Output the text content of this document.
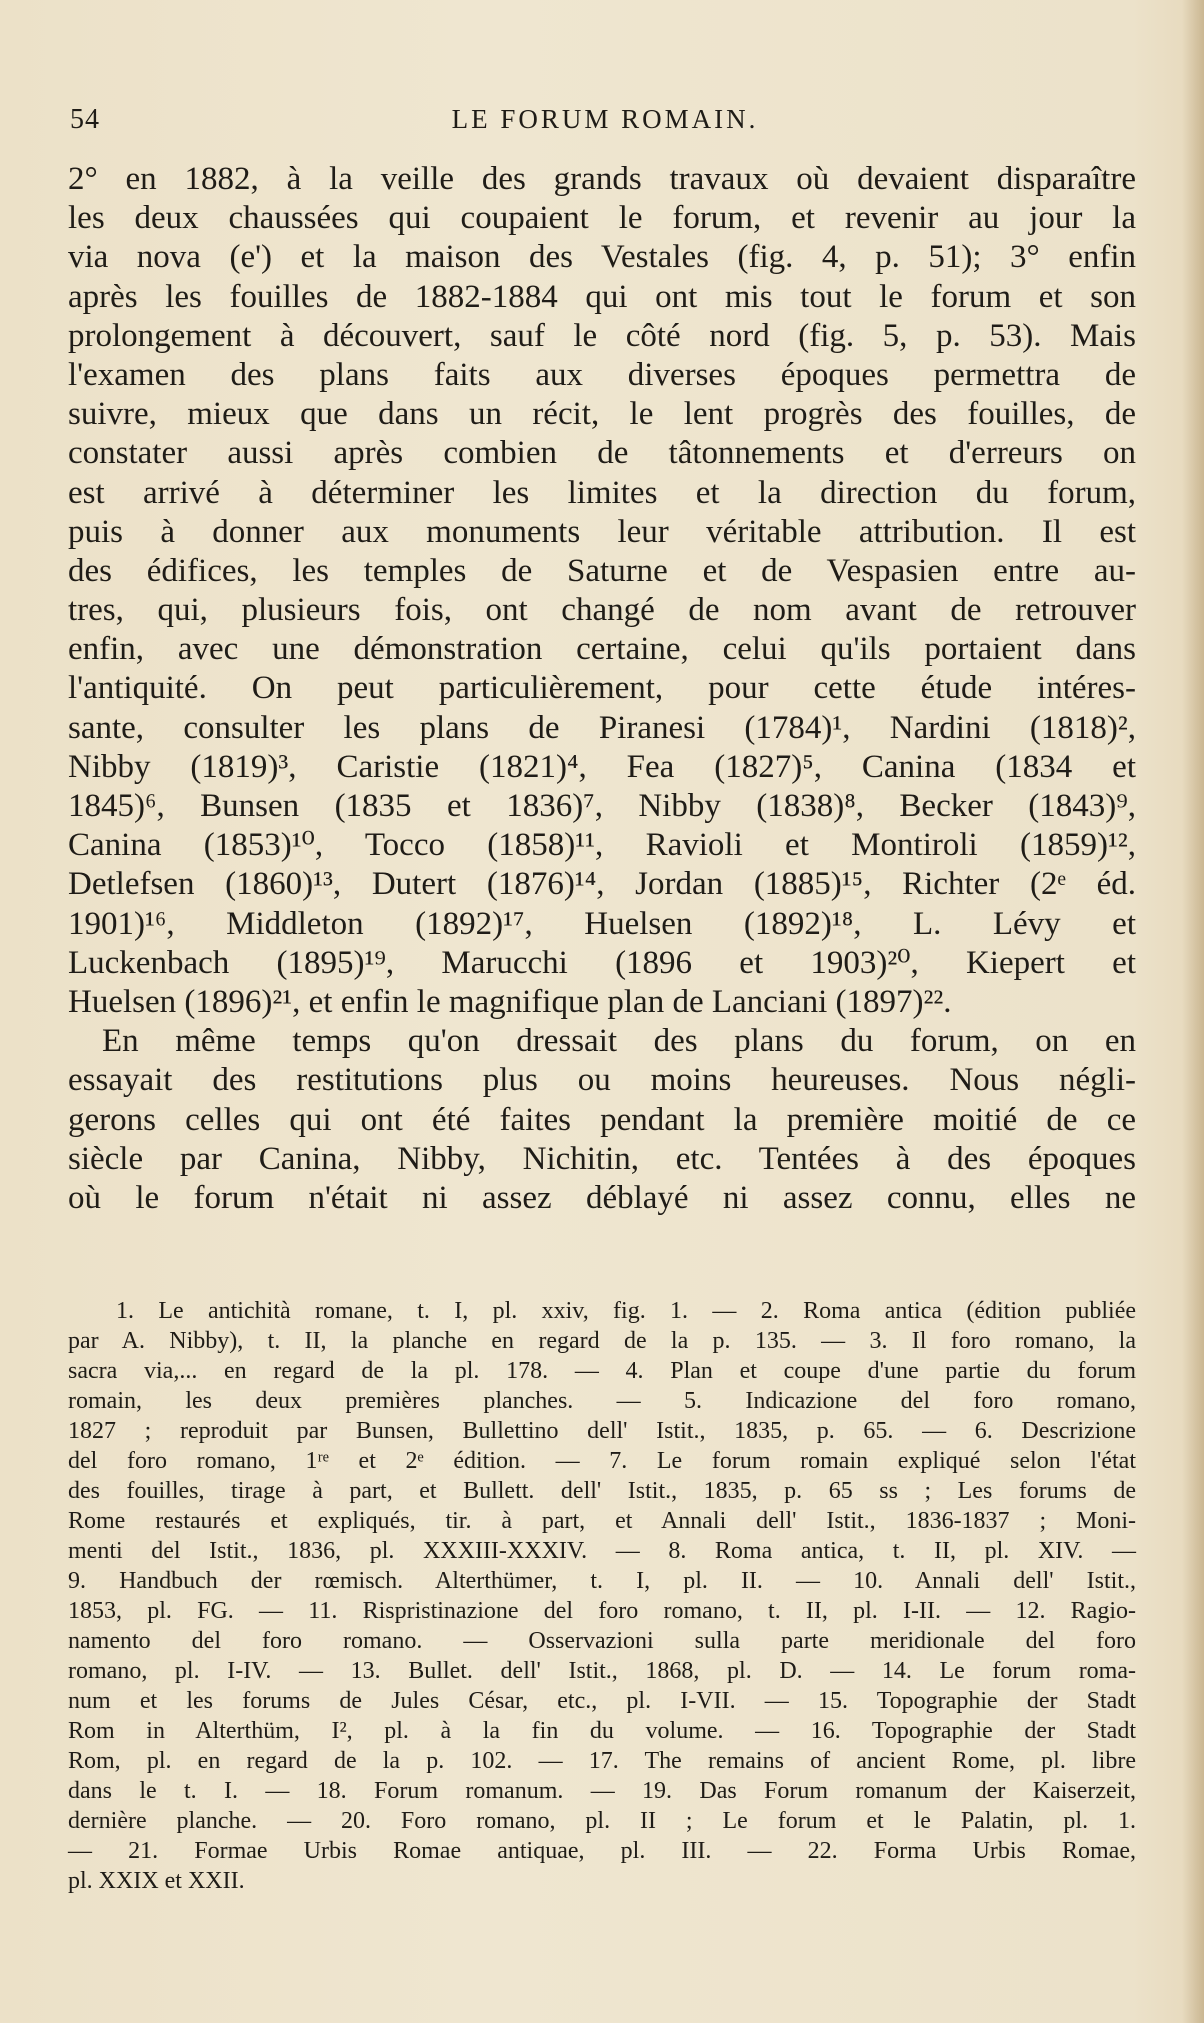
54	LE FORUM ROMAIN.
2° en 1882, à la veille des grands travaux où devaient disparaître
les deux chaussées qui coupaient le forum, et revenir au jour la
via nova (e') et la maison des Vestales (fig. 4, p. 51); 3° enfin
après les fouilles de 1882-1884 qui ont mis tout le forum et son
prolongement à découvert, sauf le côté nord (fig. 5, p. 53). Mais
l'examen des plans faits aux diverses époques permettra de
suivre, mieux que dans un récit, le lent progrès des fouilles, de
constater aussi après combien de tâtonnements et d'erreurs on
est arrivé à déterminer les limites et la direction du forum,
puis à donner aux monuments leur véritable attribution. Il est
des édifices, les temples de Saturne et de Vespasien entre au-
tres, qui, plusieurs fois, ont changé de nom avant de retrouver
enfin, avec une démonstration certaine, celui qu'ils portaient dans
l'antiquité. On peut particulièrement, pour cette étude intéres-
sante, consulter les plans de Piranesi (1784)¹, Nardini (1818)²,
Nibby (1819)³, Caristie (1821)⁴, Fea (1827)⁵, Canina (1834 et
1845)⁶, Bunsen (1835 et 1836)⁷, Nibby (1838)⁸, Becker (1843)⁹,
Canina (1853)¹⁰, Tocco (1858)¹¹, Ravioli et Montiroli (1859)¹²,
Detlefsen (1860)¹³, Dutert (1876)¹⁴, Jordan (1885)¹⁵, Richter (2ᵉ éd.
1901)¹⁶, Middleton (1892)¹⁷, Huelsen (1892)¹⁸, L. Lévy et
Luckenbach (1895)¹⁹, Marucchi (1896 et 1903)²⁰, Kiepert et
Huelsen (1896)²¹, et enfin le magnifique plan de Lanciani (1897)²².
En même temps qu'on dressait des plans du forum, on en
essayait des restitutions plus ou moins heureuses. Nous négli-
gerons celles qui ont été faites pendant la première moitié de ce
siècle par Canina, Nibby, Nichitin, etc. Tentées à des époques
où le forum n'était ni assez déblayé ni assez connu, elles ne
1. Le antichità romane, t. I, pl. xxiv, fig. 1. — 2. Roma antica (édition publiée
par A. Nibby), t. II, la planche en regard de la p. 135. — 3. Il foro romano, la
sacra via,... en regard de la pl. 178. — 4. Plan et coupe d'une partie du forum
romain, les deux premières planches. — 5. Indicazione del foro romano,
1827 ; reproduit par Bunsen, Bullettino dell' Istit., 1835, p. 65. — 6. Descrizione
del foro romano, 1ʳᵉ et 2ᵉ édition. — 7. Le forum romain expliqué selon l'état
des fouilles, tirage à part, et Bullett. dell' Istit., 1835, p. 65 ss ; Les forums de
Rome restaurés et expliqués, tir. à part, et Annali dell' Istit., 1836-1837 ; Moni-
menti del Istit., 1836, pl. XXXIII-XXXIV. — 8. Roma antica, t. II, pl. XIV. —
9. Handbuch der rœmisch. Alterthümer, t. I, pl. II. — 10. Annali dell' Istit.,
1853, pl. FG. — 11. Rispristinazione del foro romano, t. II, pl. I-II. — 12. Ragio-
namento del foro romano. — Osservazioni sulla parte meridionale del foro
romano, pl. I-IV. — 13. Bullet. dell' Istit., 1868, pl. D. — 14. Le forum roma-
num et les forums de Jules César, etc., pl. I-VII. — 15. Topographie der Stadt
Rom in Alterthüm, I², pl. à la fin du volume. — 16. Topographie der Stadt
Rom, pl. en regard de la p. 102. — 17. The remains of ancient Rome, pl. libre
dans le t. I. — 18. Forum romanum. — 19. Das Forum romanum der Kaiserzeit,
dernière planche. — 20. Foro romano, pl. II ; Le forum et le Palatin, pl. 1.
— 21. Formae Urbis Romae antiquae, pl. III. — 22. Forma Urbis Romae,
pl. XXIX et XXII.
